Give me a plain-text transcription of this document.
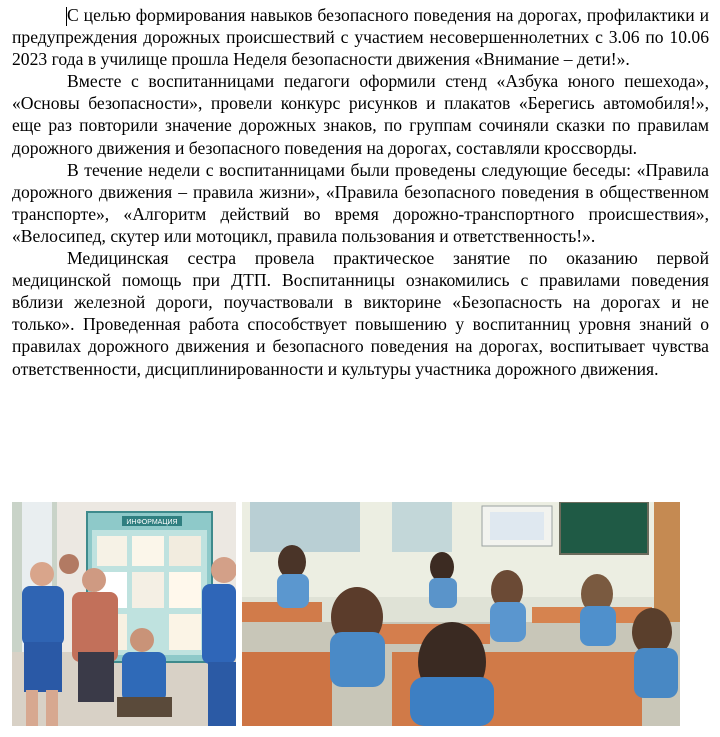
С целью формирования навыков безопасного поведения на дорогах, профилактики и предупреждения дорожных происшествий с участием несовершеннолетних с 3.06 по 10.06 2023 года в училище прошла Неделя безопасности движения «Внимание – дети!».

Вместе с воспитанницами педагоги оформили стенд «Азбука юного пешехода», «Основы безопасности», провели конкурс рисунков и плакатов «Берегись автомобиля!», еще раз повторили значение дорожных знаков, по группам сочиняли сказки по правилам дорожного движения и безопасного поведения на дорогах, составляли кроссворды.

В течение недели с воспитанницами были проведены следующие беседы: «Правила дорожного движения – правила жизни», «Правила безопасного поведения в общественном транспорте», «Алгоритм действий во время дорожно-транспортного происшествия», «Велосипед, скутер или мотоцикл, правила пользования и ответственность!».

Медицинская сестра провела практическое занятие по оказанию первой медицинской помощь при ДТП. Воспитанницы ознакомились с правилами поведения вблизи железной дороги, поучаствовали в викторине «Безопасность на дорогах и не только». Проведенная работа способствует повышению у воспитанниц уровня знаний о правилах дорожного движения и безопасного поведения на дорогах, воспитывает чувства ответственности, дисциплинированности и культуры участника дорожного движения.

ИНФОРМАЦИЯ
